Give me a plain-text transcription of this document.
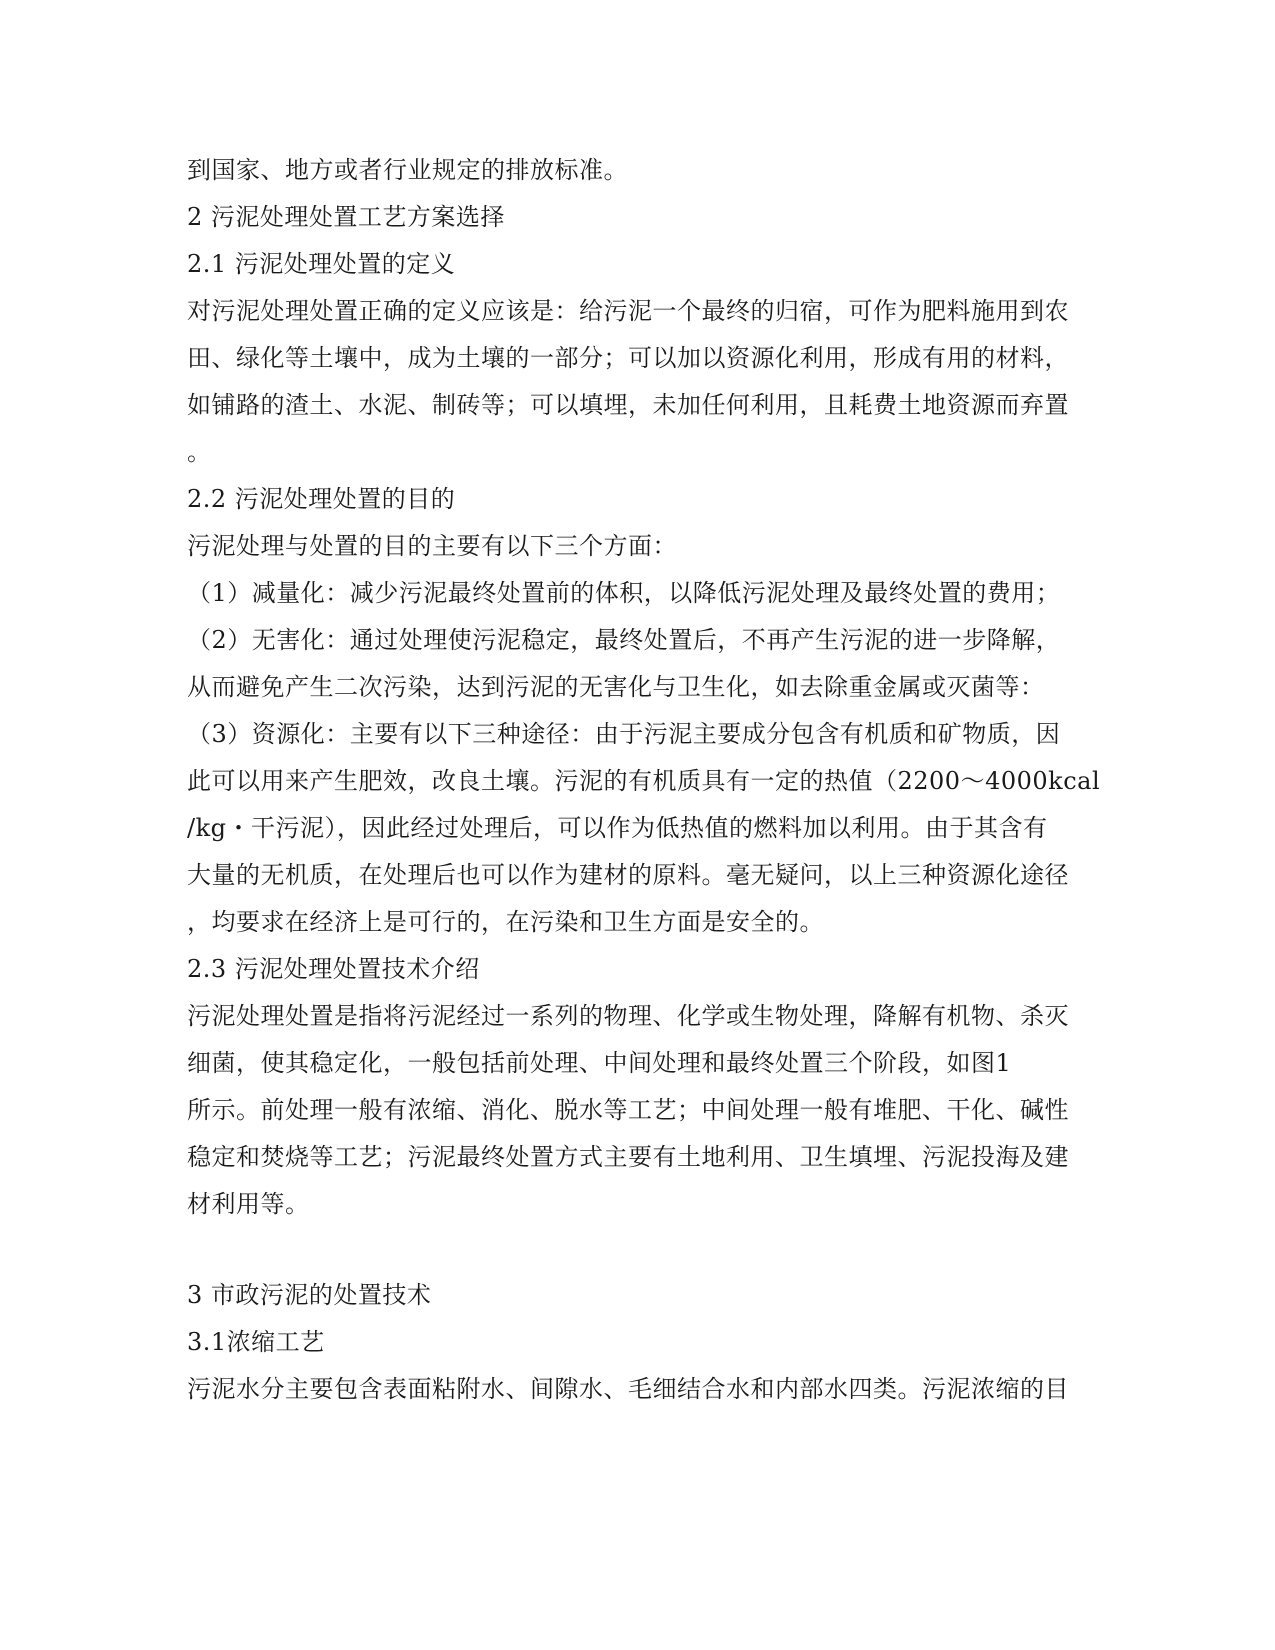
到国家、地方或者行业规定的排放标准。
2 污泥处理处置工艺方案选择
2.1 污泥处理处置的定义
对污泥处理处置正确的定义应该是：给污泥一个最终的归宿，可作为肥料施用到农
田、绿化等土壤中，成为土壤的一部分；可以加以资源化利用，形成有用的材料，
如铺路的渣土、水泥、制砖等；可以填埋，未加任何利用，且耗费土地资源而弃置
。
2.2 污泥处理处置的目的
污泥处理与处置的目的主要有以下三个方面：
（1）减量化：减少污泥最终处置前的体积，以降低污泥处理及最终处置的费用；
（2）无害化：通过处理使污泥稳定，最终处置后，不再产生污泥的进一步降解，
从而避免产生二次污染，达到污泥的无害化与卫生化，如去除重金属或灭菌等：
（3）资源化：主要有以下三种途径：由于污泥主要成分包含有机质和矿物质，因
此可以用来产生肥效，改良土壤。污泥的有机质具有一定的热值（2200～4000kcal
/kg・干污泥），因此经过处理后，可以作为低热值的燃料加以利用。由于其含有
大量的无机质，在处理后也可以作为建材的原料。毫无疑问，以上三种资源化途径
，均要求在经济上是可行的，在污染和卫生方面是安全的。
2.3 污泥处理处置技术介绍
污泥处理处置是指将污泥经过一系列的物理、化学或生物处理，降解有机物、杀灭
细菌，使其稳定化，一般包括前处理、中间处理和最终处置三个阶段，如图1
所示。前处理一般有浓缩、消化、脱水等工艺；中间处理一般有堆肥、干化、碱性
稳定和焚烧等工艺；污泥最终处置方式主要有土地利用、卫生填埋、污泥投海及建
材利用等。
3 市政污泥的处置技术
3.1浓缩工艺
污泥水分主要包含表面粘附水、间隙水、毛细结合水和内部水四类。污泥浓缩的目
